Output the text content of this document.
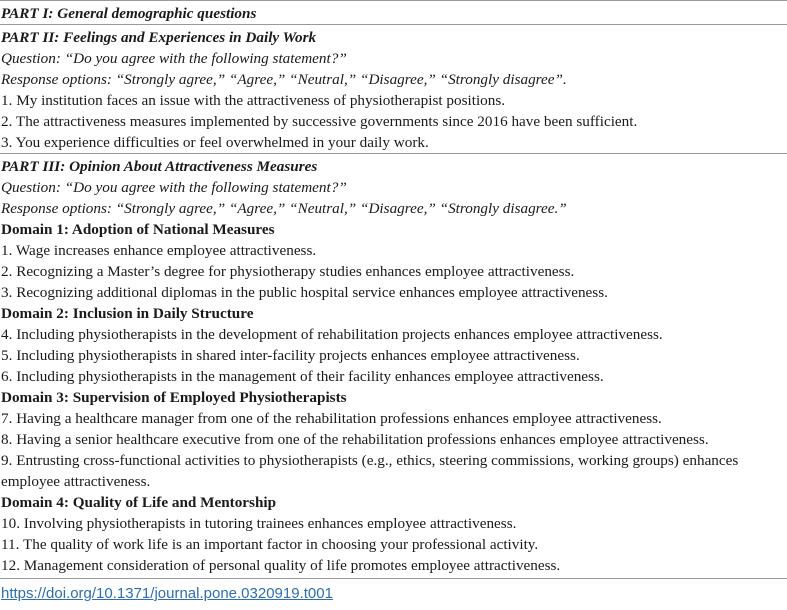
PART I: General demographic questions
PART II: Feelings and Experiences in Daily Work
Question: “Do you agree with the following statement?”
Response options: “Strongly agree,” “Agree,” “Neutral,” “Disagree,” “Strongly disagree”.
1. My institution faces an issue with the attractiveness of physiotherapist positions.
2. The attractiveness measures implemented by successive governments since 2016 have been sufficient.
3. You experience difficulties or feel overwhelmed in your daily work.
PART III: Opinion About Attractiveness Measures
Question: “Do you agree with the following statement?”
Response options: “Strongly agree,” “Agree,” “Neutral,” “Disagree,” “Strongly disagree.”
Domain 1: Adoption of National Measures
1. Wage increases enhance employee attractiveness.
2. Recognizing a Master’s degree for physiotherapy studies enhances employee attractiveness.
3. Recognizing additional diplomas in the public hospital service enhances employee attractiveness.
Domain 2: Inclusion in Daily Structure
4. Including physiotherapists in the development of rehabilitation projects enhances employee attractiveness.
5. Including physiotherapists in shared inter-facility projects enhances employee attractiveness.
6. Including physiotherapists in the management of their facility enhances employee attractiveness.
Domain 3: Supervision of Employed Physiotherapists
7. Having a healthcare manager from one of the rehabilitation professions enhances employee attractiveness.
8. Having a senior healthcare executive from one of the rehabilitation professions enhances employee attractiveness.
9. Entrusting cross-functional activities to physiotherapists (e.g., ethics, steering commissions, working groups) enhances employee attractiveness.
Domain 4: Quality of Life and Mentorship
10. Involving physiotherapists in tutoring trainees enhances employee attractiveness.
11. The quality of work life is an important factor in choosing your professional activity.
12. Management consideration of personal quality of life promotes employee attractiveness.
https://doi.org/10.1371/journal.pone.0320919.t001
